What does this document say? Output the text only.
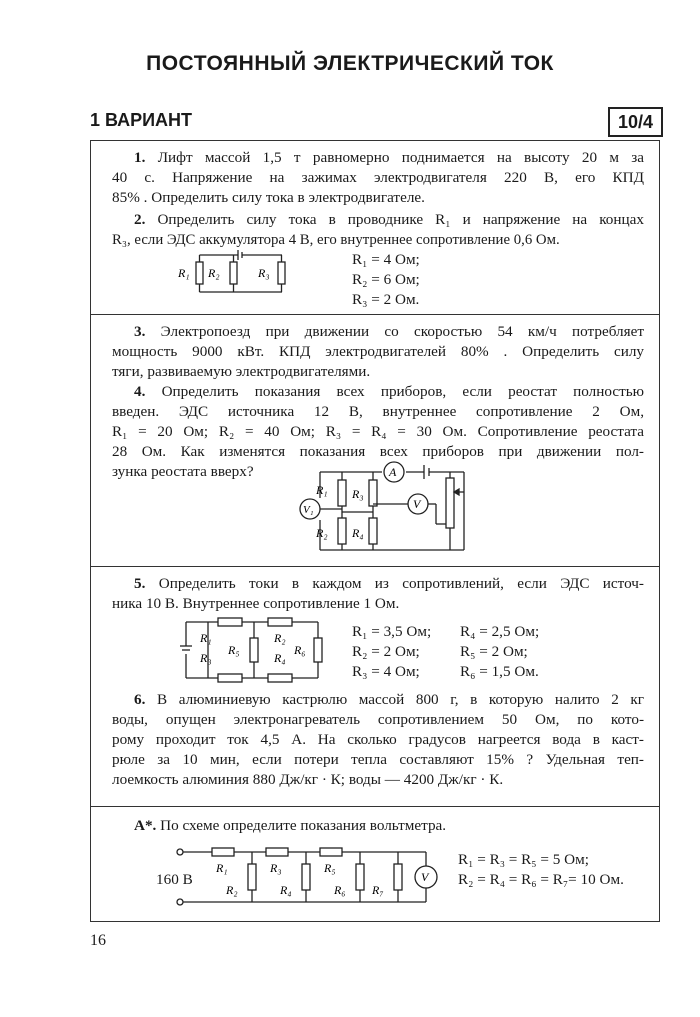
ПОСТОЯННЫЙ ЭЛЕКТРИЧЕСКИЙ ТОК
1 ВАРИАНТ	10/4
1. Лифт массой 1,5 т равномерно поднимается на высоту 20 м за
40 с. Напряжение на зажимах электродвигателя 220 В, его КПД
85% . Определить силу тока в электродвигателе.
2. Определить силу тока в проводнике R₁ и напряжение на концах
R₃, если ЭДС аккумулятора 4 В, его внутреннее сопротивление 0,6 Ом.
R₁ = 4 Ом;
R₂ = 6 Ом;
R₃ = 2 Ом.
R₁ R₂	R₃
3. Электропоезд при движении со скоростью 54 км/ч потребляет
мощность 9000 кВт. КПД электродвигателей 80% . Определить силу
тяги, развиваемую электродвигателями.
4. Определить показания всех приборов, если реостат полностью
введен. ЭДС источника 12 В, внутреннее сопротивление 2 Ом,
R₁ = 20 Ом; R₂ = 40 Ом; R₃ = R₄ = 30 Ом. Сопротивление реостата
28 Ом. Как изменятся показания всех приборов при движении пол-
зунка реостата вверх?
R₁
R₂
R₃
R₄
A
V
V₁
5. Определить токи в каждом из сопротивлений, если ЭДС источ-
ника 10 В. Внутреннее сопротивление 1 Ом.
R₁ = 3,5 Ом; R₄ = 2,5 Ом;
R₂ = 2 Ом;	R₅ = 2 Ом;
R₃ = 4 Ом;	R₆ = 1,5 Ом.
R₁	R₂
R₃	R₄
R₅	R₆
6. В алюминиевую кастрюлю массой 800 г, в которую налито 2 кг
воды, опущен электронагреватель сопротивлением 50 Ом, по кото-
рому проходит ток 4,5 А. На сколько градусов нагреется вода в каст-
рюле за 10 мин, если потери тепла составляют 15% ? Удельная теп-
лоемкость алюминия 880 Дж/кг · К; воды — 4200 Дж/кг · К.
А*. По схеме определите показания вольтметра.
R₁ = R₃ = R₅ = 5 Ом;
R₂ = R₄ = R₆ = R₇= 10 Ом.
160 В
R₁
R₂
R₃
R₄
R₅
R₆ R₇
V
16
